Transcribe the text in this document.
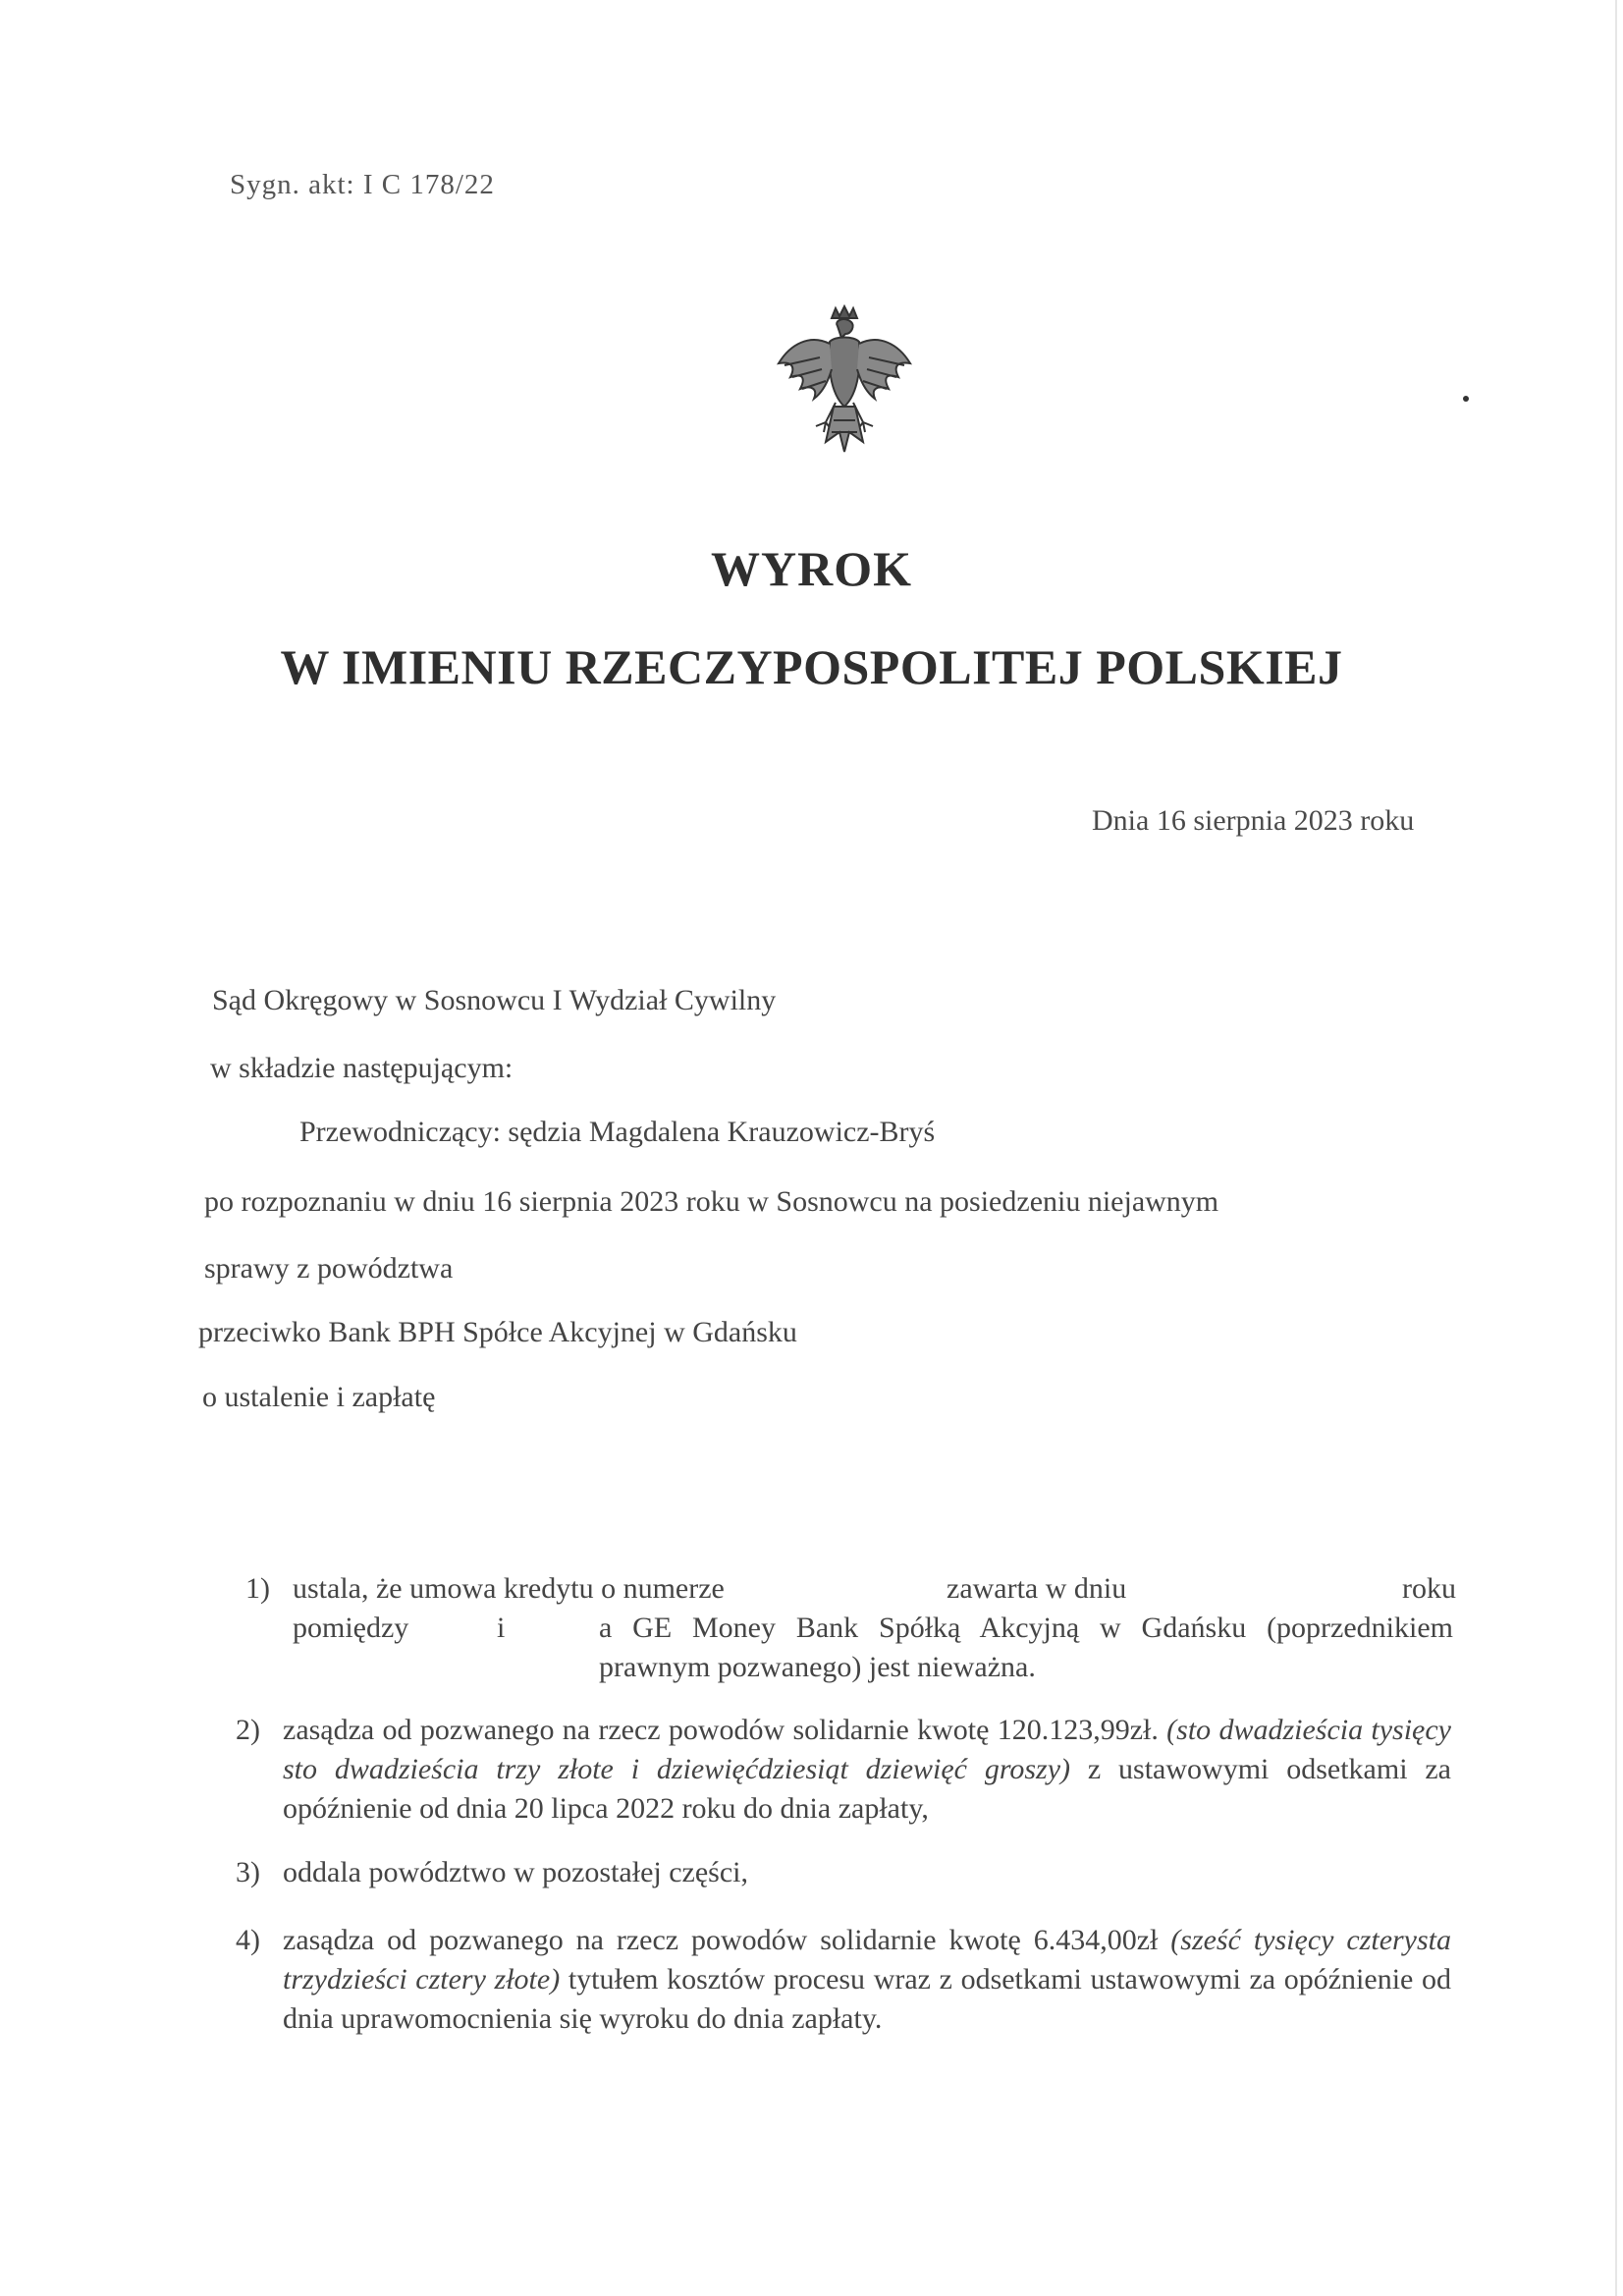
Sygn. akt: I C 178/22
WYROK
W IMIENIU RZECZYPOSPOLITEJ POLSKIEJ
Dnia 16 sierpnia 2023 roku
Sąd Okręgowy w Sosnowcu I Wydział Cywilny
w składzie następującym:
Przewodniczący: sędzia Magdalena Krauzowicz-Bryś
po rozpoznaniu w dniu 16 sierpnia 2023 roku w Sosnowcu na posiedzeniu niejawnym
sprawy z powództwa
przeciwko Bank BPH Spółce Akcyjnej w Gdańsku
o ustalenie i zapłatę
1) ustala, że umowa kredytu o numerze	zawarta w dniu	roku
pomiędzy	i	a GE Money Bank Spółką Akcyjną w Gdańsku (poprzednikiem prawnym pozwanego) jest nieważna.
2) zasądza od pozwanego na rzecz powodów solidarnie kwotę 120.123,99zł. (sto dwadzieścia tysięcy sto dwadzieścia trzy złote i dziewięćdziesiąt dziewięć groszy) z ustawowymi odsetkami za opóźnienie od dnia 20 lipca 2022 roku do dnia zapłaty,
3) oddala powództwo w pozostałej części,
4) zasądza od pozwanego na rzecz powodów solidarnie kwotę 6.434,00zł (sześć tysięcy czterysta trzydzieści cztery złote) tytułem kosztów procesu wraz z odsetkami ustawowymi za opóźnienie od dnia uprawomocnienia się wyroku do dnia zapłaty.
